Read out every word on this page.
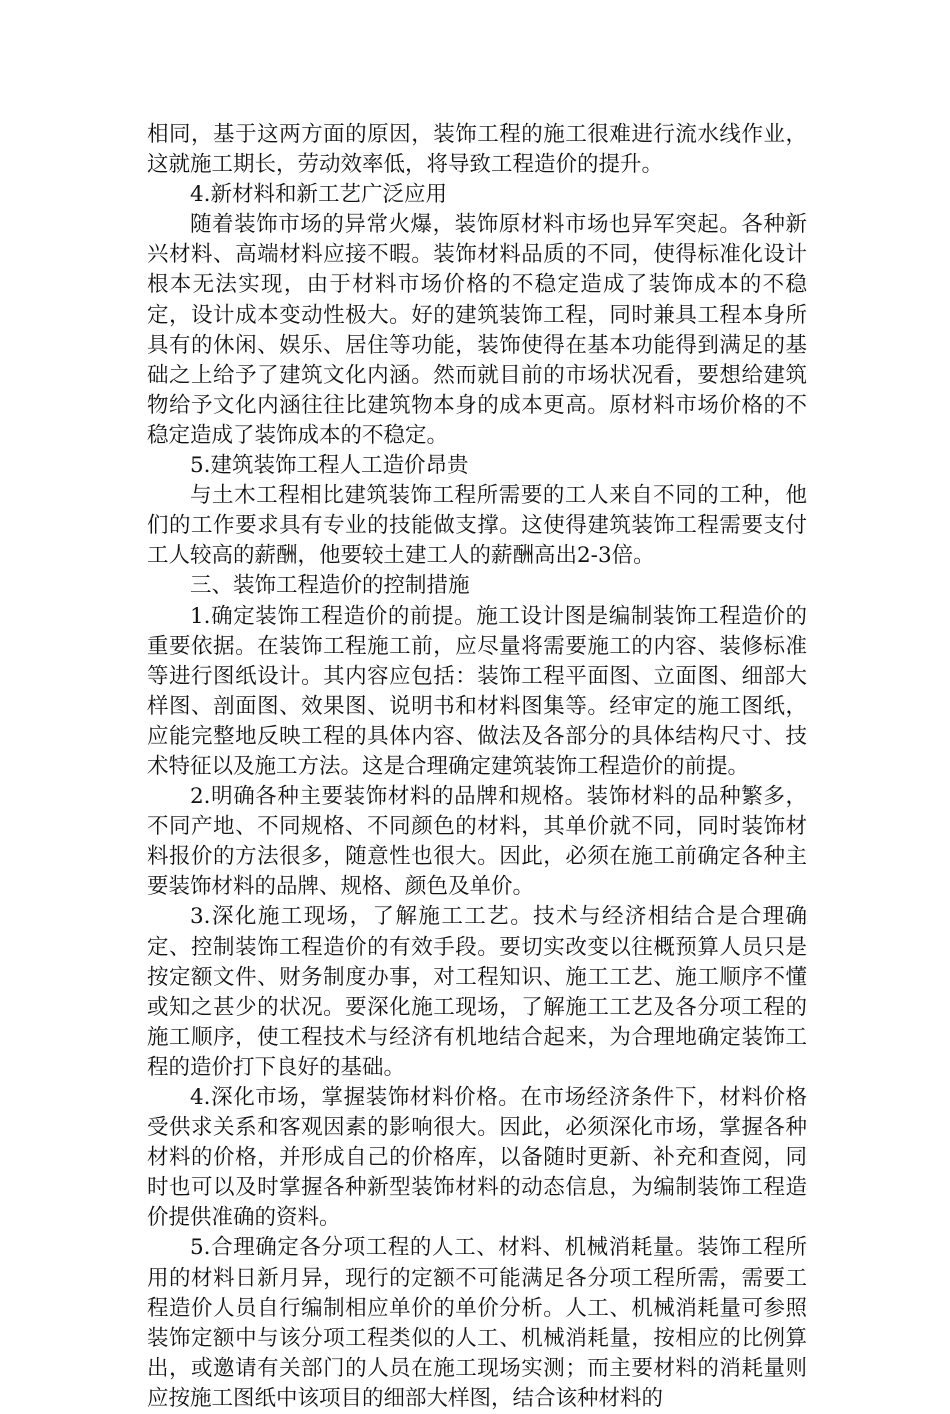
相同，基于这两方面的原因，装饰工程的施工很难进行流水线作业，这就施工期长，劳动效率低，将导致工程造价的提升。

4.新材料和新工艺广泛应用

随着装饰市场的异常火爆，装饰原材料市场也异军突起。各种新兴材料、高端材料应接不暇。装饰材料品质的不同，使得标准化设计根本无法实现，由于材料市场价格的不稳定造成了装饰成本的不稳定，设计成本变动性极大。好的建筑装饰工程，同时兼具工程本身所具有的休闲、娱乐、居住等功能，装饰使得在基本功能得到满足的基础之上给予了建筑文化内涵。然而就目前的市场状况看，要想给建筑物给予文化内涵往往比建筑物本身的成本更高。原材料市场价格的不稳定造成了装饰成本的不稳定。

5.建筑装饰工程人工造价昂贵

与土木工程相比建筑装饰工程所需要的工人来自不同的工种，他们的工作要求具有专业的技能做支撑。这使得建筑装饰工程需要支付工人较高的薪酬，他要较土建工人的薪酬高出2-3倍。

三、装饰工程造价的控制措施

1.确定装饰工程造价的前提。施工设计图是编制装饰工程造价的重要依据。在装饰工程施工前，应尽量将需要施工的内容、装修标准等进行图纸设计。其内容应包括：装饰工程平面图、立面图、细部大样图、剖面图、效果图、说明书和材料图集等。经审定的施工图纸，应能完整地反映工程的具体内容、做法及各部分的具体结构尺寸、技术特征以及施工方法。这是合理确定建筑装饰工程造价的前提。

2.明确各种主要装饰材料的品牌和规格。装饰材料的品种繁多，不同产地、不同规格、不同颜色的材料，其单价就不同，同时装饰材料报价的方法很多，随意性也很大。因此，必须在施工前确定各种主要装饰材料的品牌、规格、颜色及单价。

3.深化施工现场，了解施工工艺。技术与经济相结合是合理确定、控制装饰工程造价的有效手段。要切实改变以往概预算人员只是按定额文件、财务制度办事，对工程知识、施工工艺、施工顺序不懂或知之甚少的状况。要深化施工现场，了解施工工艺及各分项工程的施工顺序，使工程技术与经济有机地结合起来，为合理地确定装饰工程的造价打下良好的基础。

4.深化市场，掌握装饰材料价格。在市场经济条件下，材料价格受供求关系和客观因素的影响很大。因此，必须深化市场，掌握各种材料的价格，并形成自己的价格库，以备随时更新、补充和查阅，同时也可以及时掌握各种新型装饰材料的动态信息，为编制装饰工程造价提供准确的资料。

5.合理确定各分项工程的人工、材料、机械消耗量。装饰工程所用的材料日新月异，现行的定额不可能满足各分项工程所需，需要工程造价人员自行编制相应单价的单价分析。人工、机械消耗量可参照装饰定额中与该分项工程类似的人工、机械消耗量，按相应的比例算出，或邀请有关部门的人员在施工现场实测；而主要材料的消耗量则应按施工图纸中该项目的细部大样图，结合该种材料的
